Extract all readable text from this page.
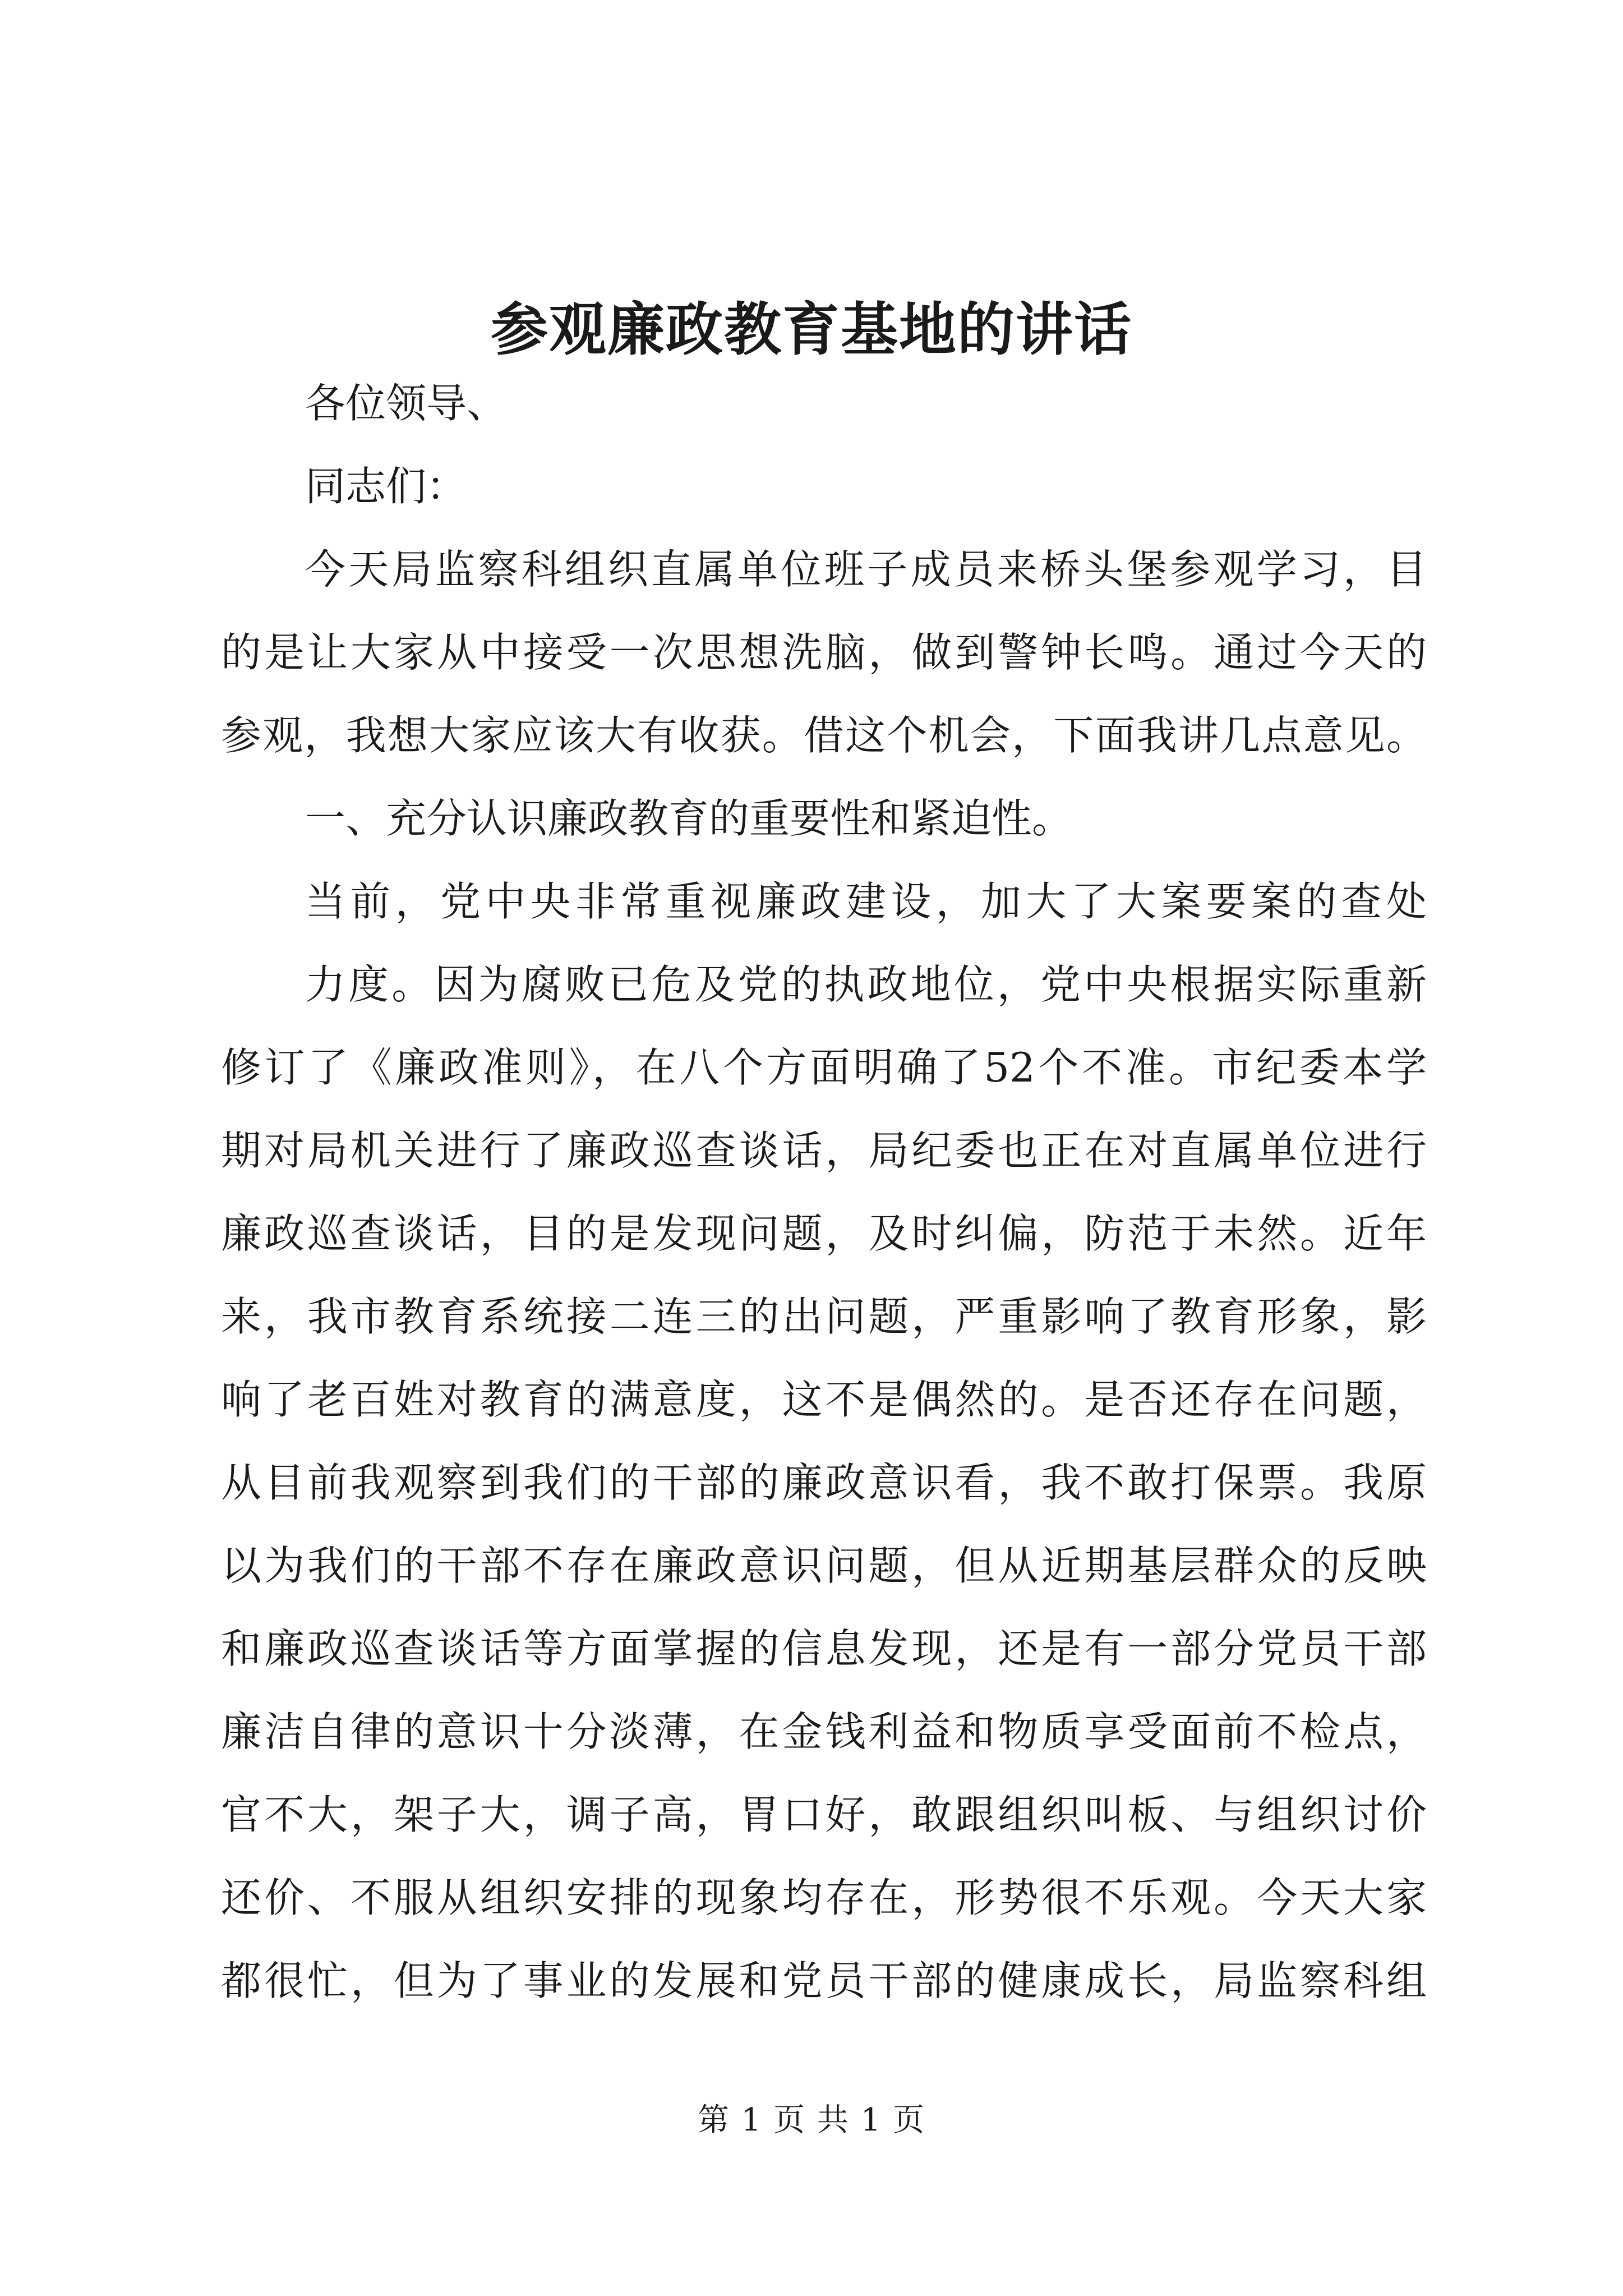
参观廉政教育基地的讲话
各位领导、
同志们：
今天局监察科组织直属单位班子成员来桥头堡参观学习，目
的是让大家从中接受一次思想洗脑，做到警钟长鸣。通过今天的
参观，我想大家应该大有收获。借这个机会，下面我讲几点意见。
一、充分认识廉政教育的重要性和紧迫性。
当前，党中央非常重视廉政建设，加大了大案要案的查处
力度。因为腐败已危及党的执政地位，党中央根据实际重新
修订了《廉政准则》，在八个方面明确了52个不准。市纪委本学
期对局机关进行了廉政巡查谈话，局纪委也正在对直属单位进行
廉政巡查谈话，目的是发现问题，及时纠偏，防范于未然。近年
来，我市教育系统接二连三的出问题，严重影响了教育形象，影
响了老百姓对教育的满意度，这不是偶然的。是否还存在问题，
从目前我观察到我们的干部的廉政意识看，我不敢打保票。我原
以为我们的干部不存在廉政意识问题，但从近期基层群众的反映
和廉政巡查谈话等方面掌握的信息发现，还是有一部分党员干部
廉洁自律的意识十分淡薄，在金钱利益和物质享受面前不检点，
官不大，架子大，调子高，胃口好，敢跟组织叫板、与组织讨价
还价、不服从组织安排的现象均存在，形势很不乐观。今天大家
都很忙，但为了事业的发展和党员干部的健康成长，局监察科组
第 1 页 共 1 页
